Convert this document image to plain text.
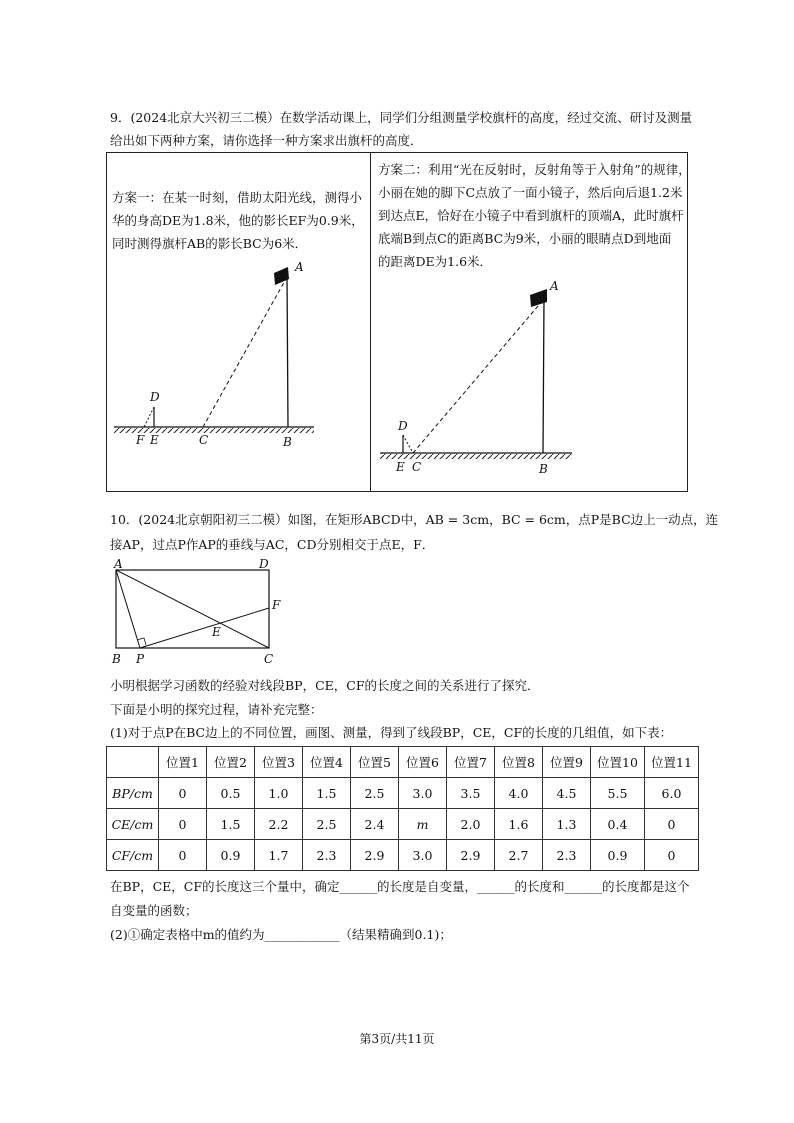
9．(2024北京大兴初三二模）在数学活动课上，同学们分组测量学校旗杆的高度，经过交流、研讨及测量
给出如下两种方案，请你选择一种方案求出旗杆的高度．
方案一：在某一时刻，借助太阳光线，测得小
华的身高DE为1.8米，他的影长EF为0.9米，
同时测得旗杆AB的影长BC为6米．
方案二：利用“光在反射时，反射角等于入射角”的规律，
小丽在她的脚下C点放了一面小镜子，然后向后退1.2米
到达点E，恰好在小镜子中看到旗杆的顶端A，此时旗杆
底端B到点C的距离BC为9米，小丽的眼睛点D到地面
的距离DE为1.6米．
A
D
F E	C	B
A
D
E C	B
10．(2024北京朝阳初三二模）如图，在矩形ABCD中，AB = 3cm，BC = 6cm，点P是BC边上一动点，连
接AP，过点P作AP的垂线与AC，CD分别相交于点E，F．
A	D
F
E
B P	C
小明根据学习函数的经验对线段BP，CE，CF的长度之间的关系进行了探究．
下面是小明的探究过程，请补充完整：
(1)对于点P在BC边上的不同位置，画图、测量，得到了线段BP，CE，CF的长度的几组值，如下表：
	位置1	位置2	位置3	位置4	位置5	位置6	位置7	位置8	位置9	位置10	位置11
BP/cm	0	0.5	1.0	1.5	2.5	3.0	3.5	4.0	4.5	5.5	6.0
CE/cm	0	1.5	2.2	2.5	2.4	m	2.0	1.6	1.3	0.4	0
CF/cm	0	0.9	1.7	2.3	2.9	3.0	2.9	2.7	2.3	0.9	0
在BP，CE，CF的长度这三个量中，确定______的长度是自变量，______的长度和______的长度都是这个
自变量的函数；
(2)①确定表格中m的值约为____________（结果精确到0.1)；
第3页/共11页
